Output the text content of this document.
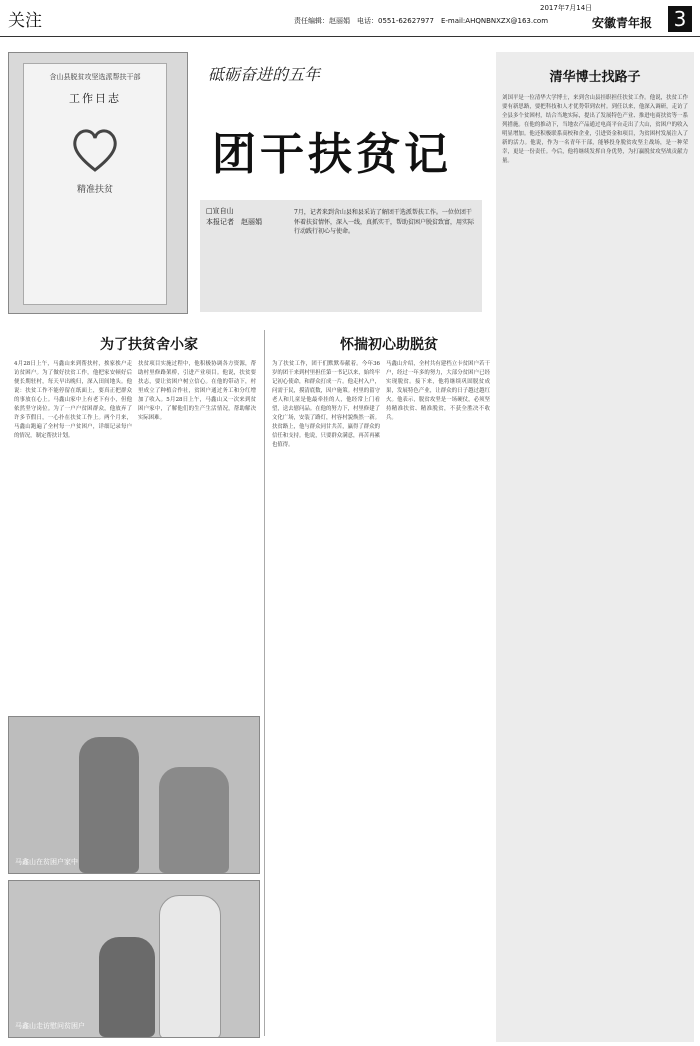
关注
2017年7月14日
责任编辑：赵丽娟　电话：0551-62627977　E-mail:AHQNBNXZX@163.com	安徽青年报 3
含山县脱贫攻坚选派帮扶干部
工作日志
精准扶贫
砥砺奋进的五年
团干扶贫记
□宣自山
本报记者　赵丽娟
7月，记者来到含山县和县采访了解团干选派帮扶工作。一位位团干怀着扶贫情怀，深入一线，真抓实干，帮助贫困户脱贫致富，用实际行动践行初心与使命。
为了扶贫舍小家	怀揣初心助脱贫
4月28日上午，马鑫山来到帮扶村，挨家挨户走访贫困户。为了做好扶贫工作，他把家安顿好后便长期驻村，每天早出晚归，深入田间地头。他说：扶贫工作不能停留在纸面上，要真正把群众的事放在心上。马鑫山家中上有老下有小，但他依然坚守岗位。为了一户户贫困群众，他放弃了许多节假日，一心扑在扶贫工作上。两个月来，马鑫山跑遍了全村每一户贫困户，详细记录每户的情况，制定帮扶计划。
扶贫项目实施过程中，他积极协调各方资源，帮助村里修路架桥，引进产业项目。他说，扶贫要扶志，要让贫困户树立信心。在他的带动下，村里成立了种植合作社，贫困户通过务工和分红增加了收入。5月28日上午，马鑫山又一次来到贫困户家中，了解他们的生产生活情况，帮助解决实际困难。
马鑫山在贫困户家中
马鑫山走访慰问贫困户
为了扶贫工作，团干们默默奉献着。今年36岁的团干来到村里担任第一书记以来，始终牢记初心使命，和群众打成一片。他走村入户，问需于民，摸清底数，因户施策。村里的留守老人和儿童是他最牵挂的人，他经常上门看望，送去慰问品。在他的努力下，村里修建了文化广场，安装了路灯，村容村貌焕然一新。扶贫路上，他与群众同甘共苦，赢得了群众的信任和支持。他说，只要群众满意，再苦再累也值得。
马鑫山介绍，全村共有建档立卡贫困户若干户，经过一年多的努力，大部分贫困户已经实现脱贫。接下来，他将继续巩固脱贫成果，发展特色产业，让群众的日子越过越红火。他表示，脱贫攻坚是一场硬仗，必须坚持精准扶贫、精准脱贫，不获全胜决不收兵。
清华博士找路子
刘国平是一位清华大学博士，来到含山县挂职担任扶贫工作。他说，扶贫工作要有新思路，要把科技和人才优势带到农村。到任以来，他深入调研，走访了全县多个贫困村，结合当地实际，提出了发展特色产业、推进电商扶贫等一系列措施。在他的推动下，当地农产品通过电商平台走出了大山，贫困户的收入明显增加。他还积极联系高校和企业，引进资金和项目，为贫困村发展注入了新的活力。他说，作为一名青年干部，能够投身脱贫攻坚主战场，是一种荣幸，更是一份责任。今后，他将继续发挥自身优势，为打赢脱贫攻坚战贡献力量。
